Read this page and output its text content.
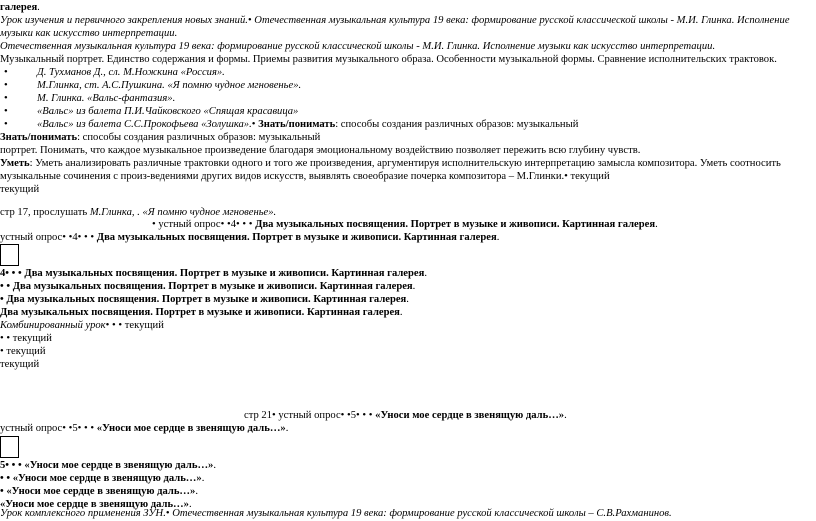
галерея.
Урок изучения и первичного закрепления новых знаний.• Отечественная музыкальная культура 19 века: формирование русской классической школы - М.И. Глинка. Исполнение музыки как искусство интерпретации.
Отечественная музыкальная культура 19 века: формирование русской классической школы - М.И. Глинка. Исполнение музыки как искусство интерпретации.
Музыкальный портрет. Единство содержания и формы. Приемы развития музыкального образа. Особенности музыкальной формы. Сравнение исполнительских трактовок.
•	Д. Тухманов Д., сл. М.Ножкина «Россия».
•	М.Глинка, ст. А.С.Пушкина. «Я помню чудное мгновенье».
•	М. Глинка. «Вальс-фантазия».
•	«Вальс» из балета П.И.Чайковского «Спящая красавица»
•	«Вальс» из балета С.С.Прокофьева «Золушка».• Знать/понимать: способы создания различных образов: музыкальный
Знать/понимать: способы создания различных образов: музыкальный
портрет. Понимать, что каждое музыкальное произведение благодаря эмоциональному воздействию позволяет пережить всю глубину чувств.
Уметь: Уметь анализировать различные трактовки одного и того же произведения, аргументируя исполнительскую интерпретацию замысла композитора. Уметь соотносить музыкальные сочинения с произ-ведениями других видов искусств, выявлять своеобразие почерка композитора – М.Глинки.• текущий
текущий
стр 17, прослушать М.Глинка, . «Я помню чудное мгновенье».
• устный опрос• •4• • • Два музыкальных посвящения. Портрет в музыке и живописи. Картинная галерея.
устный опрос• •4• • • Два музыкальных посвящения. Портрет в музыке и живописи. Картинная галерея.
4• • • Два музыкальных посвящения. Портрет в музыке и живописи. Картинная галерея.
• • Два музыкальных посвящения. Портрет в музыке и живописи. Картинная галерея.
• Два музыкальных посвящения. Портрет в музыке и живописи. Картинная галерея.
Два музыкальных посвящения. Портрет в музыке и живописи. Картинная галерея.
Комбинированный урок• • • текущий
• • текущий
• текущий
текущий
стр 21• устный опрос• •5• • • «Уноси мое сердце в звенящую даль…».
устный опрос• •5• • • «Уноси мое сердце в звенящую даль…».
5• • • «Уноси мое сердце в звенящую даль…».
• • «Уноси мое сердце в звенящую даль…».
• «Уноси мое сердце в звенящую даль…».
«Уноси мое сердце в звенящую даль…».
Урок комплексного применения ЗУН.• Отечественная музыкальная культура 19 века: формирование русской классической школы – С.В.Рахманинов.
